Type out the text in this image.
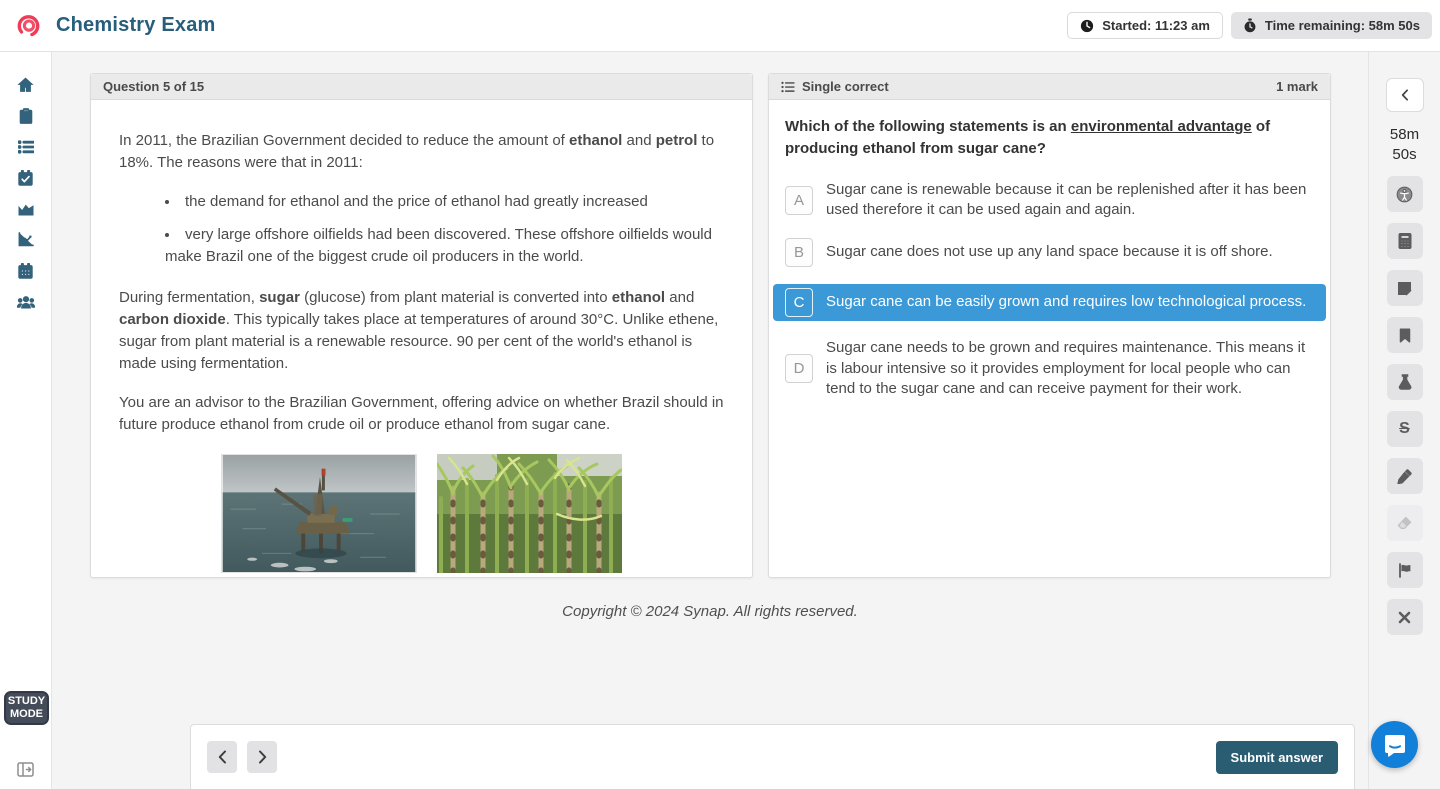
Chemistry Exam	Started: 11:23 am	Time remaining: 58m 50s
Question 5 of 15

In 2011, the Brazilian Government decided to reduce the amount of ethanol and petrol to 18%. The reasons were that in 2011:

• the demand for ethanol and the price of ethanol had greatly increased
• very large offshore oilfields had been discovered. These offshore oilfields would make Brazil one of the biggest crude oil producers in the world.

During fermentation, sugar (glucose) from plant material is converted into ethanol and carbon dioxide. This typically takes place at temperatures of around 30°C. Unlike ethene, sugar from plant material is a renewable resource. 90 per cent of the world's ethanol is made using fermentation.

You are an advisor to the Brazilian Government, offering advice on whether Brazil should in future produce ethanol from crude oil or produce ethanol from sugar cane.

Single correct	1 mark
Which of the following statements is an environmental advantage of producing ethanol from sugar cane?
A
Sugar cane is renewable because it can be replenished after it has been used therefore it can be used again and again.
B	Sugar cane does not use up any land space because it is off shore.
C	Sugar cane can be easily grown and requires low technological process.
D
Sugar cane needs to be grown and requires maintenance. This means it is labour intensive so it provides employment for local people who can tend to the sugar cane and can receive payment for their work.
Copyright © 2024 Synap. All rights reserved.
Submit answer
58m
50s
S
STUDY
MODE
